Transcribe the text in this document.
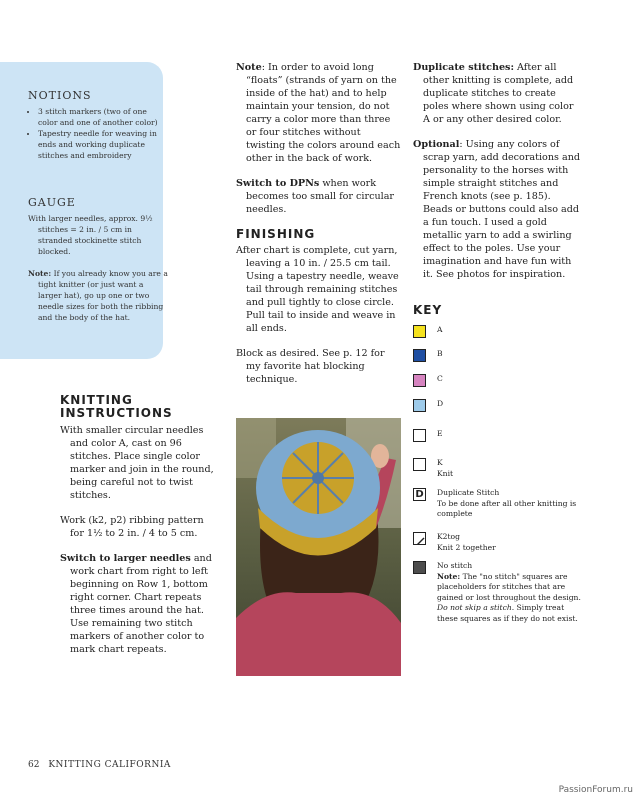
NOTIONS
• 3 stitch markers (two of one color and one of another color)
• Tapestry needle for weaving in ends and working duplicate stitches and embroidery
GAUGE
With larger needles, approx. 9½ stitches = 2 in. / 5 cm in stranded stockinette stitch blocked.
Note: If you already know you are a tight knitter (or just want a larger hat), go up one or two needle sizes for both the ribbing and the body of the hat.
KNITTING
INSTRUCTIONS

With smaller circular needles and color A, cast on 96 stitches. Place single color marker and join in the round, being careful not to twist stitches.

Work (k2, p2) ribbing pattern for 1½ to 2 in. / 4 to 5 cm.

Switch to larger needles and work chart from right to left beginning on Row 1, bottom right corner. Chart repeats three times around the hat. Use remaining two stitch markers of another color to mark chart repeats.

Note: In order to avoid long “floats” (strands of yarn on the inside of the hat) and to help maintain your tension, do not carry a color more than three or four stitches without twisting the colors around each other in the back of work.

Switch to DPNs when work becomes too small for circular needles.

FINISHING

After chart is complete, cut yarn, leaving a 10 in. / 25.5 cm tail. Using a tapestry needle, weave tail through remaining stitches and pull tightly to close circle. Pull tail to inside and weave in all ends.

Block as desired. See p. 12 for my favorite hat blocking technique.

Duplicate stitches: After all other knitting is complete, add duplicate stitches to create poles where shown using color A or any other desired color.

Optional: Using any colors of scrap yarn, add decorations and personality to the horses with simple straight stitches and French knots (see p. 185). Beads or buttons could also add a fun touch. I used a gold metallic yarn to add a swirling effect to the poles. Use your imagination and have fun with it. See photos for inspiration.

KEY
A
B
C
D
E
K
Knit
D	Duplicate Stitch
To be done after all other knitting is complete
K2tog
Knit 2 together
No stitch
Note: The "no stitch" squares are placeholders for stitches that are gained or lost throughout the design. Do not skip a stitch. Simply treat these squares as if they do not exist.
62 KNITTING CALIFORNIA
PassionForum.ru
